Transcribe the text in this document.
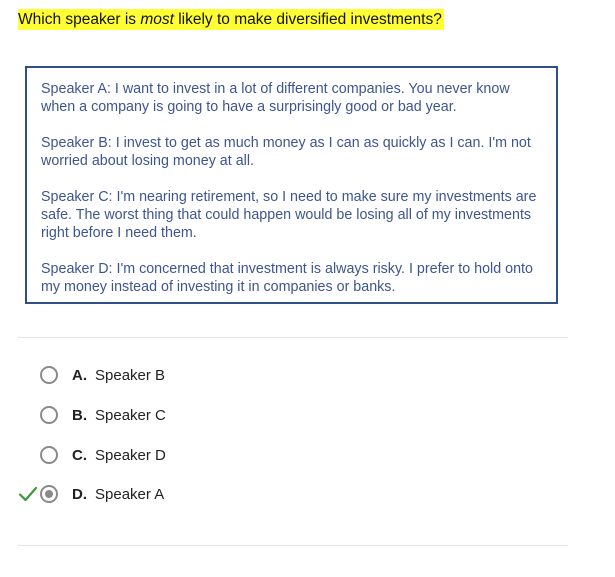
Which speaker is most likely to make diversified investments?

Speaker A: I want to invest in a lot of different companies. You never know when a company is going to have a surprisingly good or bad year.

Speaker B: I invest to get as much money as I can as quickly as I can. I'm not worried about losing money at all.

Speaker C: I'm nearing retirement, so I need to make sure my investments are safe. The worst thing that could happen would be losing all of my investments right before I need them.

Speaker D: I'm concerned that investment is always risky. I prefer to hold onto my money instead of investing it in companies or banks.

A. Speaker B
B. Speaker C
C. Speaker D
D. Speaker A
